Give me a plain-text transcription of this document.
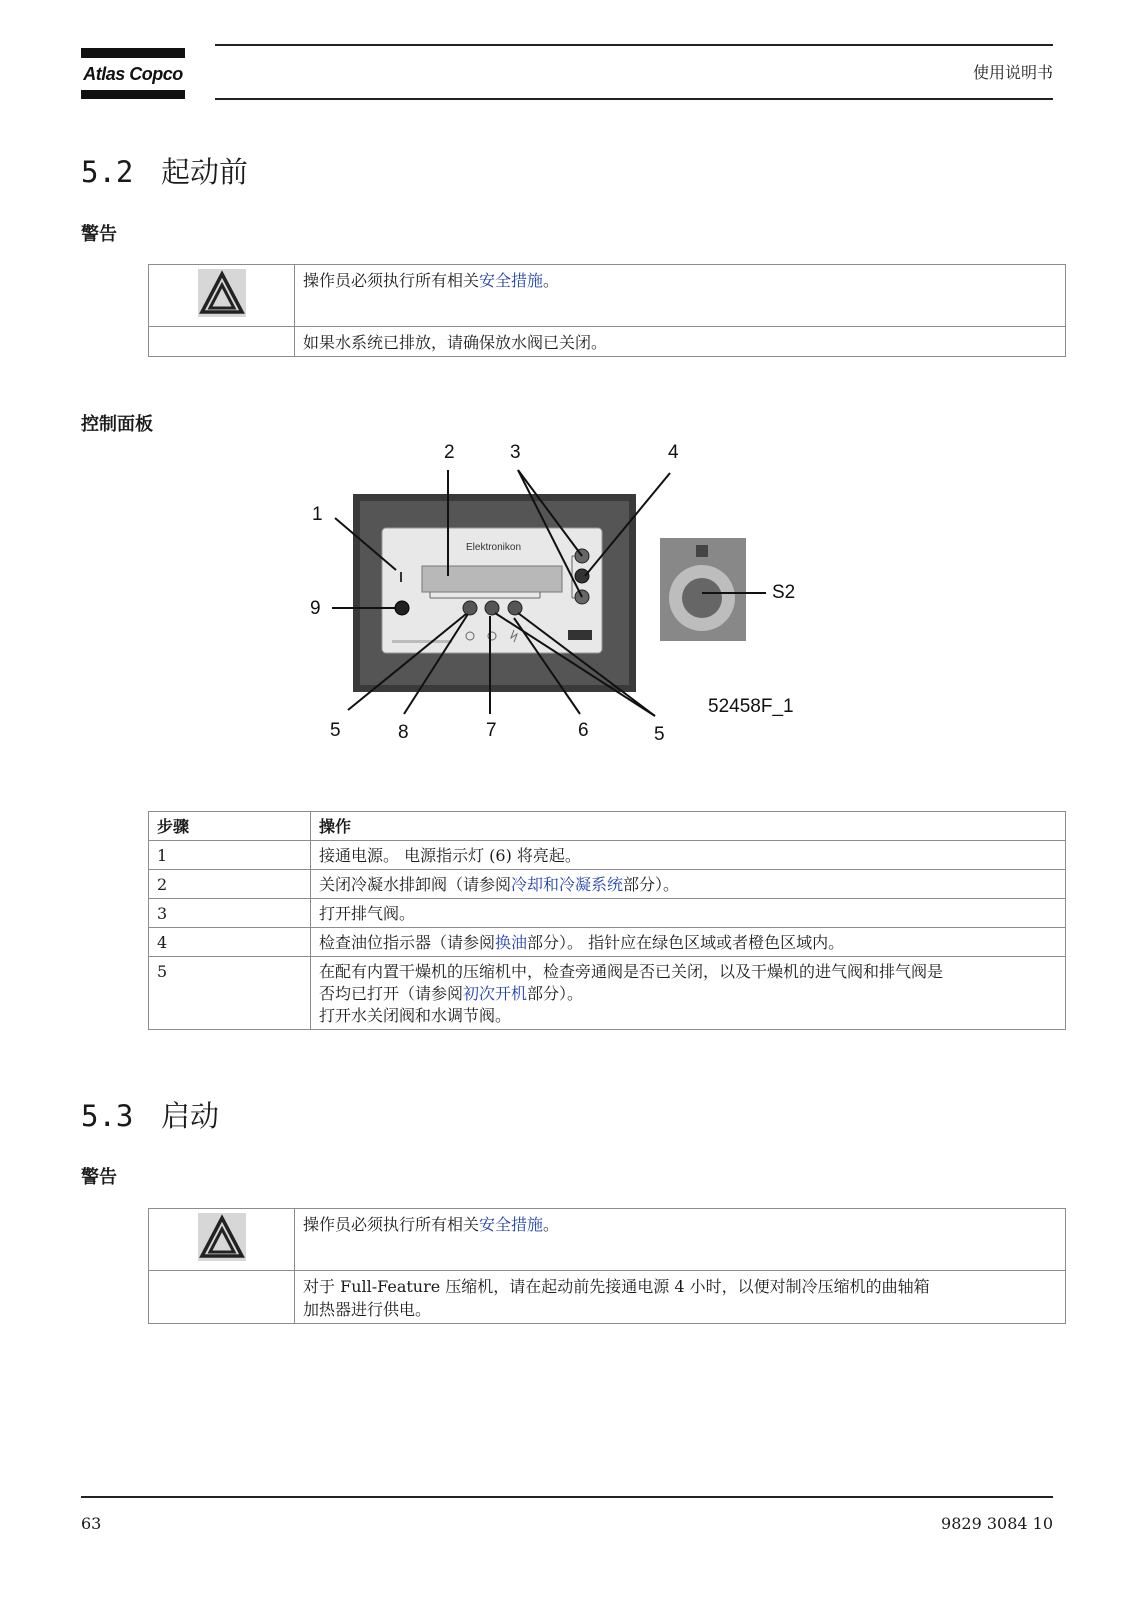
Atlas Copco	使用说明书
5.2 起动前
警告
	操作员必须执行所有相关安全措施。
	如果水系统已排放，请确保放水阀已关闭。
控制面板
Elektronikon
1
2	3	4
5	5
6
7
8
9
S2
52458F_1
步骤	操作
1	接通电源。 电源指示灯 (6) 将亮起。
2	关闭冷凝水排卸阀（请参阅冷却和冷凝系统部分）。
3	打开排气阀。
4	检查油位指示器（请参阅换油部分）。 指针应在绿色区域或者橙色区域内。
5	在配有内置干燥机的压缩机中，检查旁通阀是否已关闭，以及干燥机的进气阀和排气阀是
否均已打开（请参阅初次开机部分）。
打开水关闭阀和水调节阀。
5.3 启动
警告
	操作员必须执行所有相关安全措施。

	对于 Full-Feature 压缩机，请在起动前先接通电源 4 小时，以便对制冷压缩机的曲轴箱
加热器进行供电。
63	9829 3084 10
